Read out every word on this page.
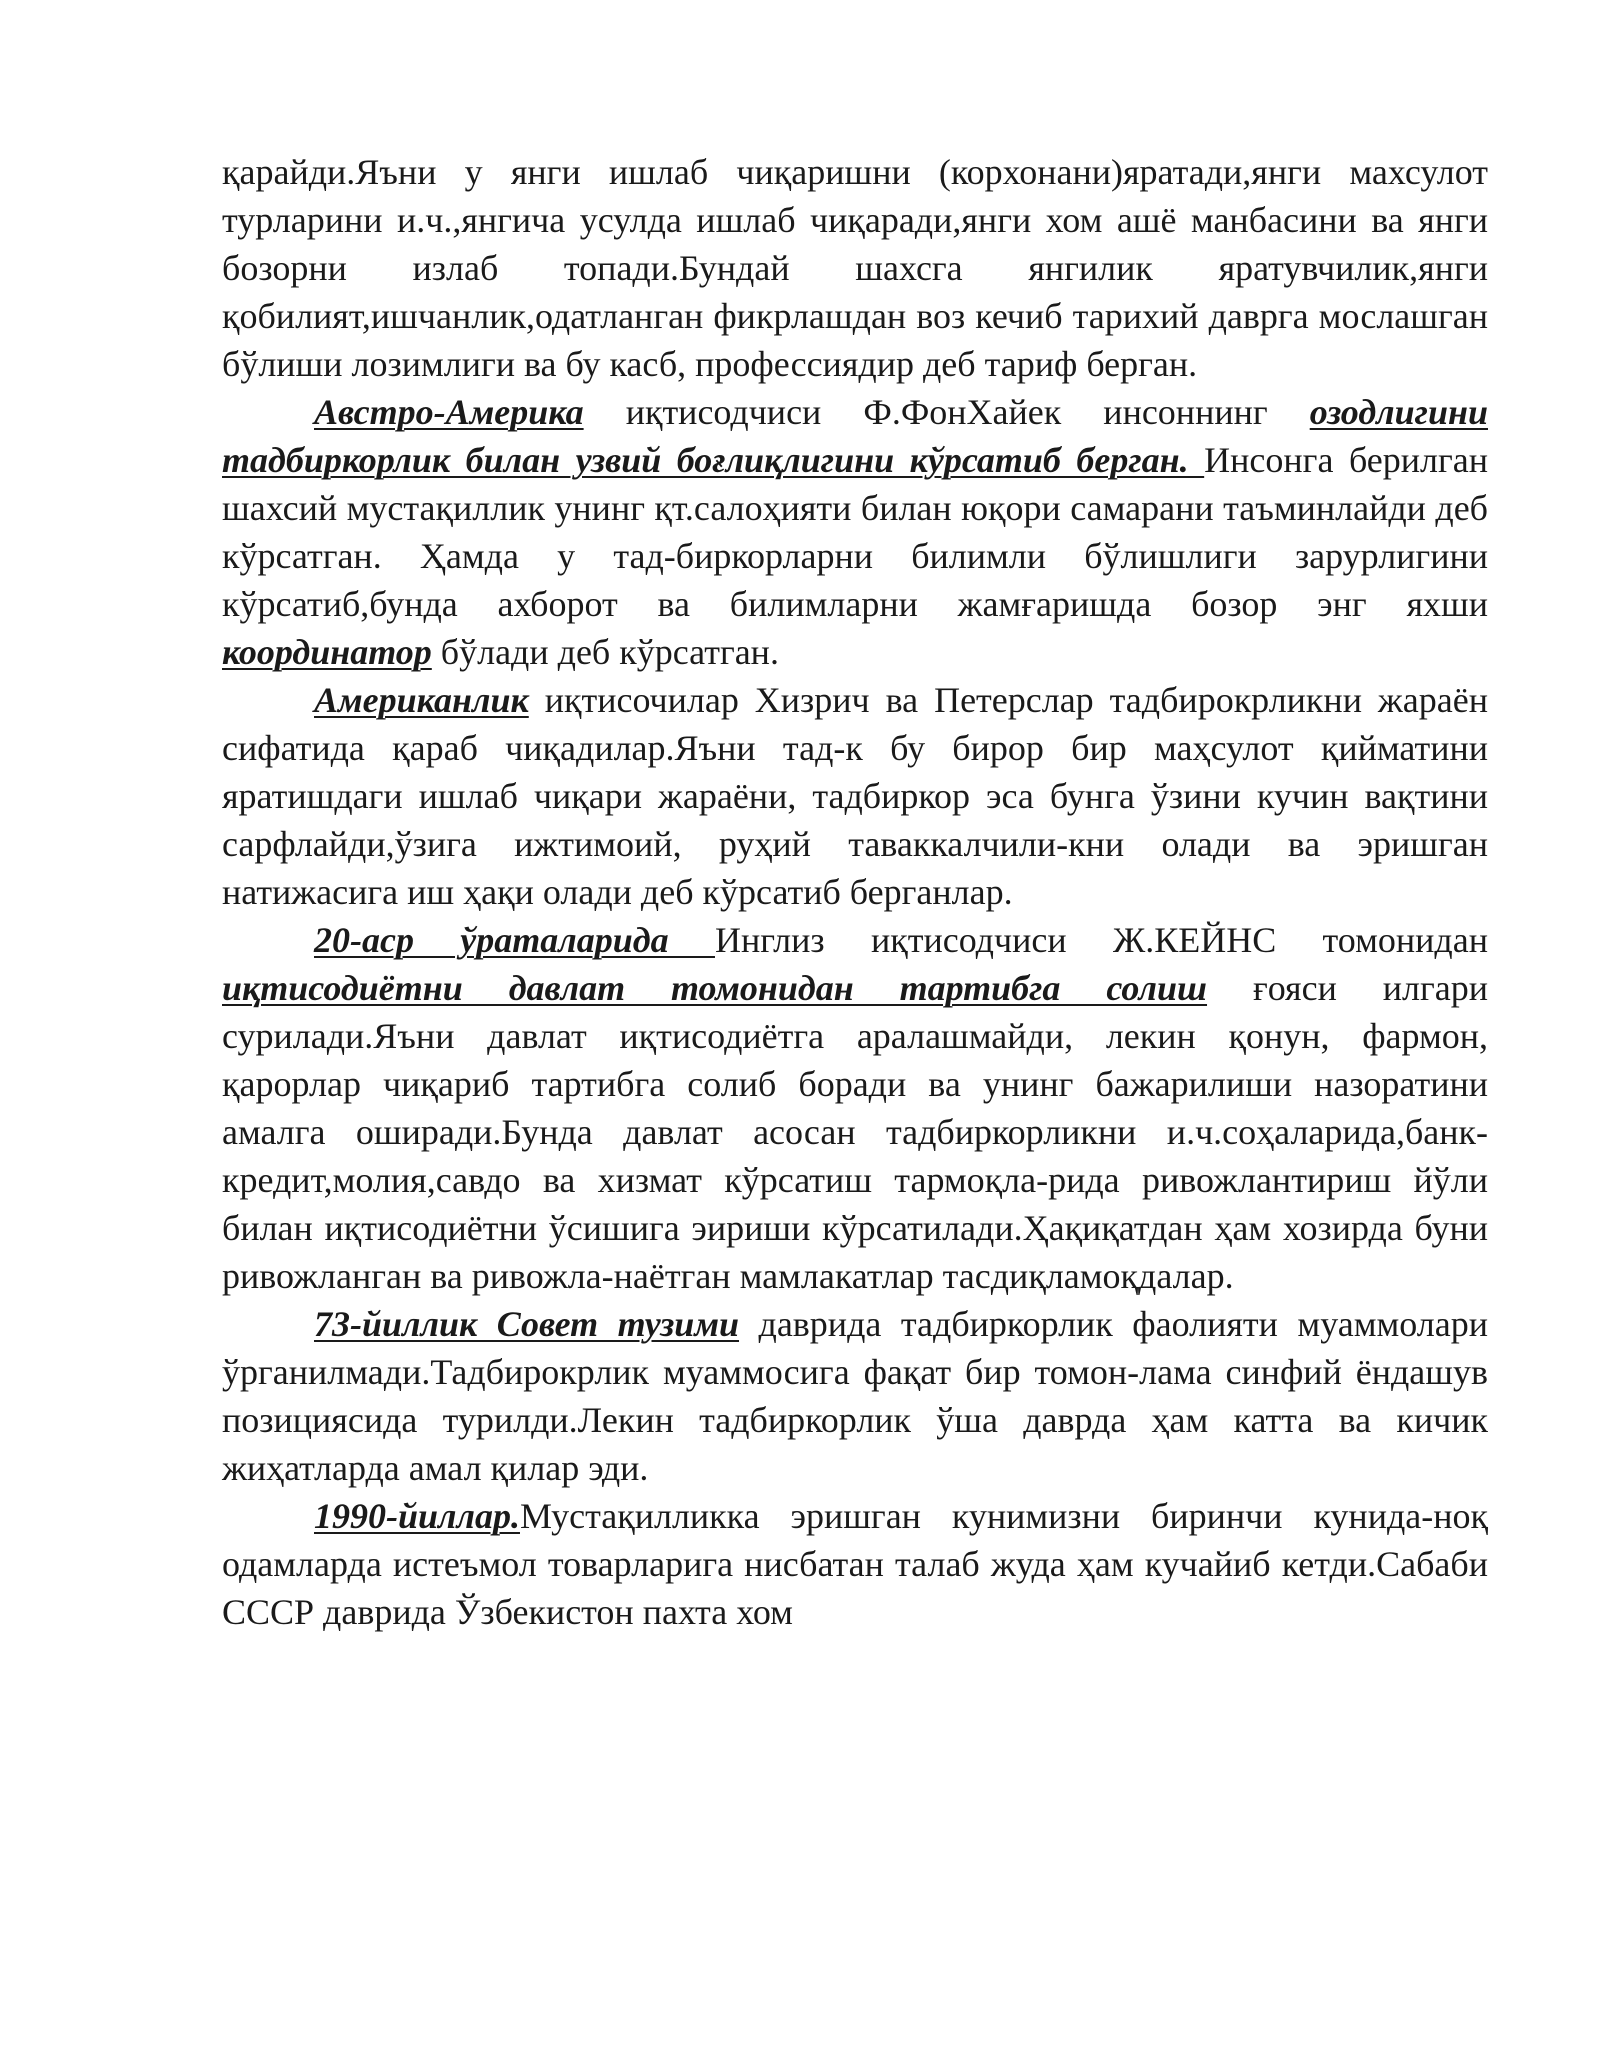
қарайди.Яъни у янги ишлаб чиқаришни (корхонани)яратади,янги махсулот турларини и.ч.,янгича усулда ишлаб чиқаради,янги хом ашё манбасини ва янги бозорни излаб топади.Бундай шахсга янгилик яратувчилик,янги қобилият,ишчанлик,одатланган фикрлашдан воз кечиб тарихий даврга мослашган бўлиши лозимлиги ва бу касб, профессиядир деб тариф берган.

Австро-Америка иқтисодчиси Ф.ФонХайек инсоннинг озодлигини тадбиркорлик билан узвий боғлиқлигини кўрсатиб берган. Инсонга берилган шахсий мустақиллик унинг қт.салоҳияти билан юқори самарани таъминлайди деб кўрсатган. Ҳамда у тад-биркорларни билимли бўлишлиги зарурлигини кўрсатиб,бунда ахборот ва билимларни жамғаришда бозор энг яхши координатор бўлади деб кўрсатган.

Американлик иқтисочилар Хизрич ва Петерслар тадбирокрликни жараён сифатида қараб чиқадилар.Яъни тад-к бу бирор бир маҳсулот қийматини яратишдаги ишлаб чиқари жараёни, тадбиркор эса бунга ўзини кучин вақтини сарфлайди,ўзига ижтимоий, руҳий таваккалчили-кни олади ва эришган натижасига иш ҳақи олади деб кўрсатиб берганлар.

20-аср ўраталарида Инглиз иқтисодчиси Ж.КЕЙНС томонидан иқтисодиётни давлат томонидан тартибга солиш ғояси илгари сурилади.Яъни давлат иқтисодиётга аралашмайди, лекин қонун, фармон, қарорлар чиқариб тартибга солиб боради ва унинг бажарилиши назоратини амалга оширади.Бунда давлат асосан тадбиркорликни и.ч.соҳаларида,банк-кредит,молия,савдо ва хизмат кўрсатиш тармоқла-рида ривожлантириш йўли билан иқтисодиётни ўсишига эириши кўрсатилади.Ҳақиқатдан ҳам хозирда буни ривожланган ва ривожла-наётган мамлакатлар тасдиқламоқдалар.

73-йиллик Совет тузими даврида тадбиркорлик фаолияти муаммолари ўрганилмади.Тадбирокрлик муаммосига фақат бир томон-лама синфий ёндашув позициясида турилди.Лекин тадбиркорлик ўша даврда ҳам катта ва кичик жиҳатларда амал қилар эди.

1990-йиллар.Мустақилликка эришган кунимизни биринчи кунида-ноқ одамларда истеъмол товарларига нисбатан талаб жуда ҳам кучайиб кетди.Сабаби СССР даврида Ўзбекистон пахта хом
